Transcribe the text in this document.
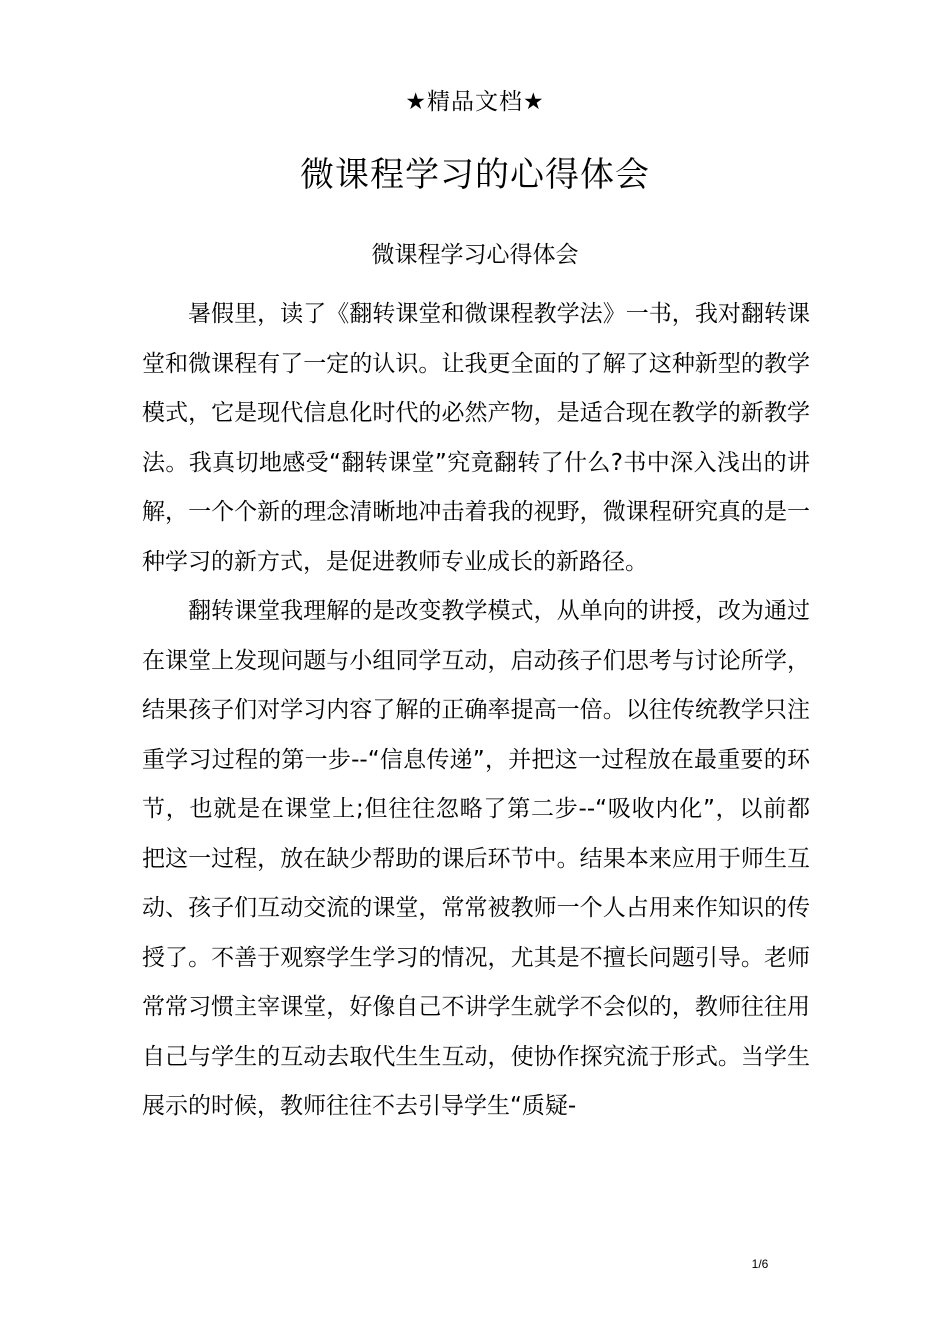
★精品文档★
微课程学习的心得体会
微课程学习心得体会

暑假里，读了《翻转课堂和微课程教学法》一书，我对翻转课堂和微课程有了一定的认识。让我更全面的了解了这种新型的教学模式，它是现代信息化时代的必然产物，是适合现在教学的新教学法。我真切地感受“翻转课堂”究竟翻转了什么?书中深入浅出的讲解，一个个新的理念清晰地冲击着我的视野，微课程研究真的是一种学习的新方式，是促进教师专业成长的新路径。

翻转课堂我理解的是改变教学模式，从单向的讲授，改为通过在课堂上发现问题与小组同学互动，启动孩子们思考与讨论所学，结果孩子们对学习内容了解的正确率提高一倍。以往传统教学只注重学习过程的第一步--“信息传递”，并把这一过程放在最重要的环节，也就是在课堂上;但往往忽略了第二步--“吸收内化”，以前都把这一过程，放在缺少帮助的课后环节中。结果本来应用于师生互动、孩子们互动交流的课堂，常常被教师一个人占用来作知识的传授了。不善于观察学生学习的情况，尤其是不擅长问题引导。老师常常习惯主宰课堂，好像自己不讲学生就学不会似的，教师往往用自己与学生的互动去取代生生互动，使协作探究流于形式。当学生展示的时候，教师往往不去引导学生“质疑-

1/6
